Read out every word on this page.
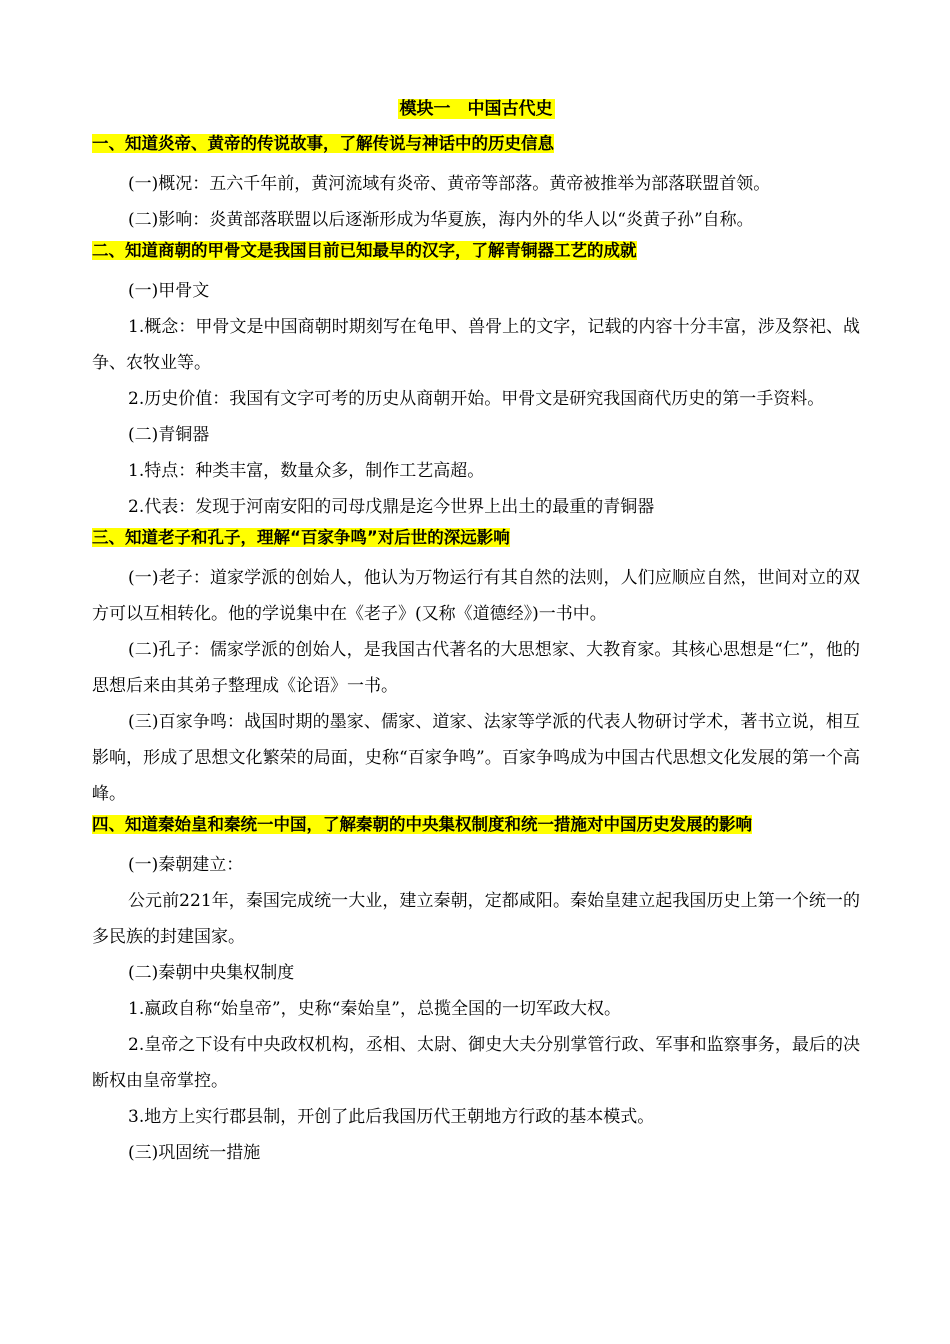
模块一　中国古代史
一、知道炎帝、黄帝的传说故事，了解传说与神话中的历史信息

(一)概况：五六千年前，黄河流域有炎帝、黄帝等部落。黄帝被推举为部落联盟首领。

(二)影响：炎黄部落联盟以后逐渐形成为华夏族，海内外的华人以“炎黄子孙”自称。

二、知道商朝的甲骨文是我国目前已知最早的汉字，了解青铜器工艺的成就

(一)甲骨文

1.概念：甲骨文是中国商朝时期刻写在龟甲、兽骨上的文字，记载的内容十分丰富，涉及祭祀、战争、农牧业等。

2.历史价值：我国有文字可考的历史从商朝开始。甲骨文是研究我国商代历史的第一手资料。

(二)青铜器

1.特点：种类丰富，数量众多，制作工艺高超。

2.代表：发现于河南安阳的司母戊鼎是迄今世界上出土的最重的青铜器

三、知道老子和孔子，理解“百家争鸣”对后世的深远影响

(一)老子：道家学派的创始人，他认为万物运行有其自然的法则，人们应顺应自然，世间对立的双方可以互相转化。他的学说集中在《老子》(又称《道德经》)一书中。

(二)孔子：儒家学派的创始人，是我国古代著名的大思想家、大教育家。其核心思想是“仁”，他的思想后来由其弟子整理成《论语》一书。

(三)百家争鸣：战国时期的墨家、儒家、道家、法家等学派的代表人物研讨学术，著书立说，相互影响，形成了思想文化繁荣的局面，史称“百家争鸣”。百家争鸣成为中国古代思想文化发展的第一个高峰。

四、知道秦始皇和秦统一中国，了解秦朝的中央集权制度和统一措施对中国历史发展的影响

(一)秦朝建立：

公元前221年，秦国完成统一大业，建立秦朝，定都咸阳。秦始皇建立起我国历史上第一个统一的多民族的封建国家。

(二)秦朝中央集权制度

1.嬴政自称“始皇帝”，史称“秦始皇”，总揽全国的一切军政大权。

2.皇帝之下设有中央政权机构，丞相、太尉、御史大夫分别掌管行政、军事和监察事务，最后的决断权由皇帝掌控。

3.地方上实行郡县制，开创了此后我国历代王朝地方行政的基本模式。

(三)巩固统一措施
